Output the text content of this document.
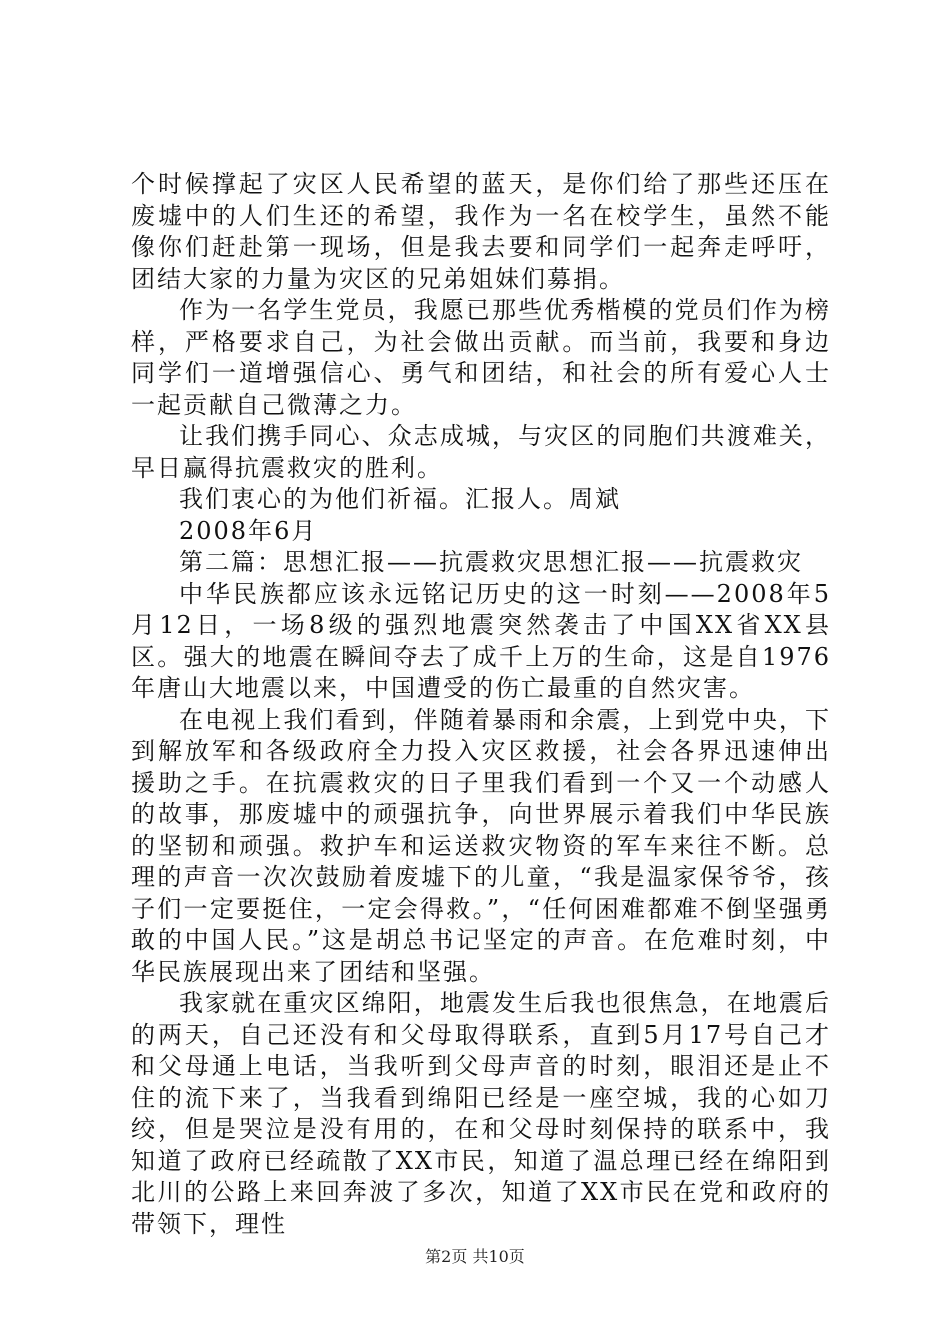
个时候撑起了灾区人民希望的蓝天，是你们给了那些还压在废墟中的人们生还的希望，我作为一名在校学生，虽然不能像你们赶赴第一现场，但是我去要和同学们一起奔走呼吁，团结大家的力量为灾区的兄弟姐妹们募捐。

作为一名学生党员，我愿已那些优秀楷模的党员们作为榜样，严格要求自己，为社会做出贡献。而当前，我要和身边同学们一道增强信心、勇气和团结，和社会的所有爱心人士一起贡献自己微薄之力。

让我们携手同心、众志成城，与灾区的同胞们共渡难关，早日赢得抗震救灾的胜利。

我们衷心的为他们祈福。汇报人。周斌

2008年6月

第二篇：思想汇报——抗震救灾思想汇报——抗震救灾

中华民族都应该永远铭记历史的这一时刻——2008年5月12日，一场8级的强烈地震突然袭击了中国XX省XX县区。强大的地震在瞬间夺去了成千上万的生命，这是自1976年唐山大地震以来，中国遭受的伤亡最重的自然灾害。

在电视上我们看到，伴随着暴雨和余震，上到党中央，下到解放军和各级政府全力投入灾区救援，社会各界迅速伸出援助之手。在抗震救灾的日子里我们看到一个又一个动感人的故事，那废墟中的顽强抗争，向世界展示着我们中华民族的坚韧和顽强。救护车和运送救灾物资的军车来往不断。总理的声音一次次鼓励着废墟下的儿童，“我是温家保爷爷，孩子们一定要挺住，一定会得救。”，“任何困难都难不倒坚强勇敢的中国人民。”这是胡总书记坚定的声音。在危难时刻，中华民族展现出来了团结和坚强。

我家就在重灾区绵阳，地震发生后我也很焦急，在地震后的两天，自己还没有和父母取得联系，直到5月17号自己才和父母通上电话，当我听到父母声音的时刻，眼泪还是止不住的流下来了，当我看到绵阳已经是一座空城，我的心如刀绞，但是哭泣是没有用的，在和父母时刻保持的联系中，我知道了政府已经疏散了XX市民，知道了温总理已经在绵阳到北川的公路上来回奔波了多次，知道了XX市民在党和政府的带领下，理性

第2页 共10页
